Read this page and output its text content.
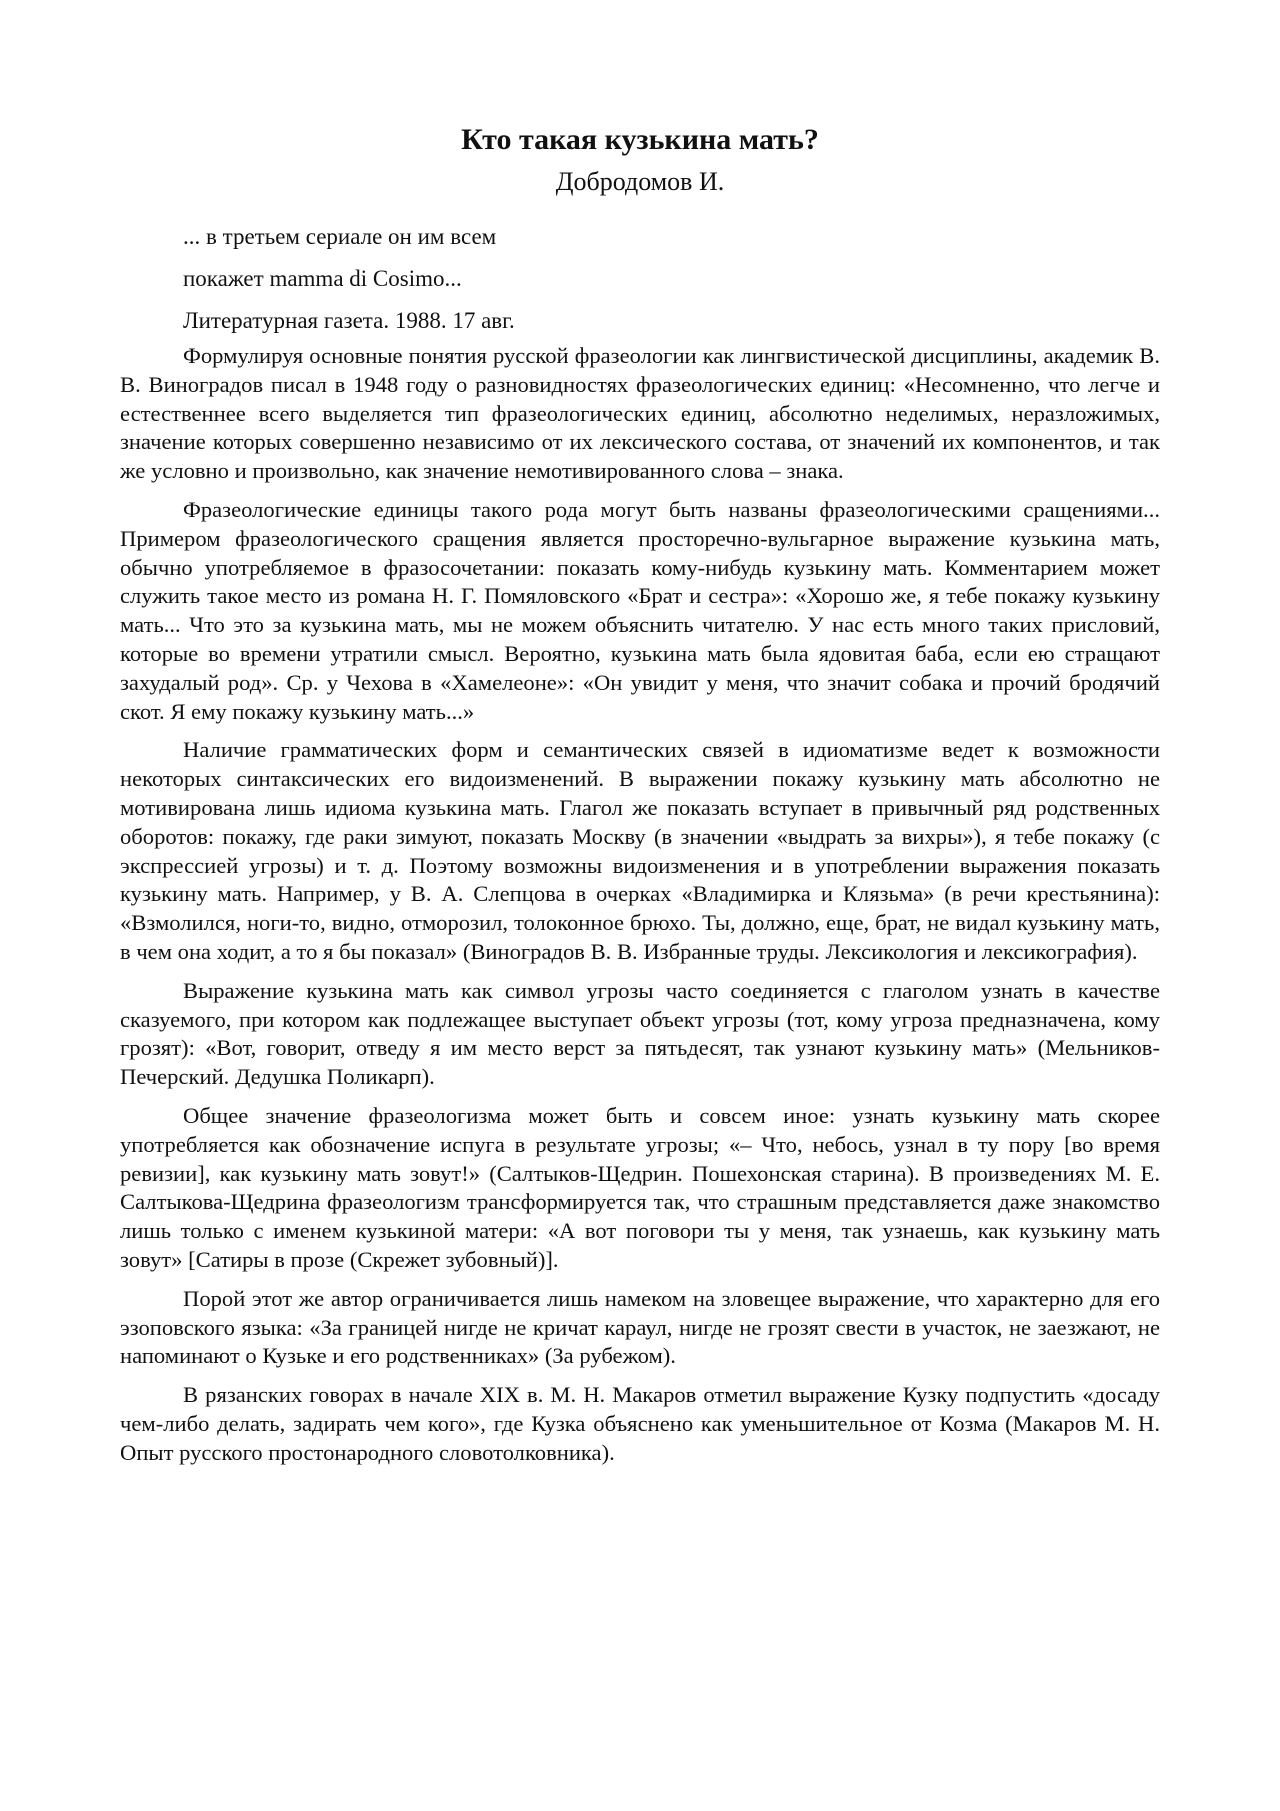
Кто такая кузькина мать?
Добродомов И.
... в третьем сериале он им всем
покажет mamma di Cosimo...
Литературная газета. 1988. 17 авг.

Формулируя основные понятия русской фразеологии как лингвистической дисциплины, академик В. В. Виноградов писал в 1948 году о разновидностях фразеологических единиц: «Несомненно, что легче и естественнее всего выделяется тип фразеологических единиц, абсолютно неделимых, неразложимых, значение которых совершенно независимо от их лексического состава, от значений их компонентов, и так же условно и произвольно, как значение немотивированного слова – знака.

Фразеологические единицы такого рода могут быть названы фразеологическими сращениями... Примером фразеологического сращения является просторечно-вульгарное выражение кузькина мать, обычно употребляемое в фразосочетании: показать кому-нибудь кузькину мать. Комментарием может служить такое место из романа Н. Г. Помяловского «Брат и сестра»: «Хорошо же, я тебе покажу кузькину мать... Что это за кузькина мать, мы не можем объяснить читателю. У нас есть много таких присловий, которые во времени утратили смысл. Вероятно, кузькина мать была ядовитая баба, если ею стращают захудалый род». Ср. у Чехова в «Хамелеоне»: «Он увидит у меня, что значит собака и прочий бродячий скот. Я ему покажу кузькину мать...»

Наличие грамматических форм и семантических связей в идиоматизме ведет к возможности некоторых синтаксических его видоизменений. В выражении покажу кузькину мать абсолютно не мотивирована лишь идиома кузькина мать. Глагол же показать вступает в привычный ряд родственных оборотов: покажу, где раки зимуют, показать Москву (в значении «выдрать за вихры»), я тебе покажу (с экспрессией угрозы) и т. д. Поэтому возможны видоизменения и в употреблении выражения показать кузькину мать. Например, у В. А. Слепцова в очерках «Владимирка и Клязьма» (в речи крестьянина): «Взмолился, ноги-то, видно, отморозил, толоконное брюхо. Ты, должно, еще, брат, не видал кузькину мать, в чем она ходит, а то я бы показал» (Виноградов В. В. Избранные труды. Лексикология и лексикография).

Выражение кузькина мать как символ угрозы часто соединяется с глаголом узнать в качестве сказуемого, при котором как подлежащее выступает объект угрозы (тот, кому угроза предназначена, кому грозят): «Вот, говорит, отведу я им место верст за пятьдесят, так узнают кузькину мать» (Мельников-Печерский. Дедушка Поликарп).

Общее значение фразеологизма может быть и совсем иное: узнать кузькину мать скорее употребляется как обозначение испуга в результате угрозы; «– Что, небось, узнал в ту пору [во время ревизии], как кузькину мать зовут!» (Салтыков-Щедрин. Пошехонская старина). В произведениях М. Е. Салтыкова-Щедрина фразеологизм трансформируется так, что страшным представляется даже знакомство лишь только с именем кузькиной матери: «А вот поговори ты у меня, так узнаешь, как кузькину мать зовут» [Сатиры в прозе (Скрежет зубовный)].

Порой этот же автор ограничивается лишь намеком на зловещее выражение, что характерно для его эзоповского языка: «За границей нигде не кричат караул, нигде не грозят свести в участок, не заезжают, не напоминают о Кузьке и его родственниках» (За рубежом).

В рязанских говорах в начале XIX в. М. Н. Макаров отметил выражение Кузку подпустить «досаду чем-либо делать, задирать чем кого», где Кузка объяснено как уменьшительное от Козма (Макаров М. Н. Опыт русского простонародного словотолковника).
